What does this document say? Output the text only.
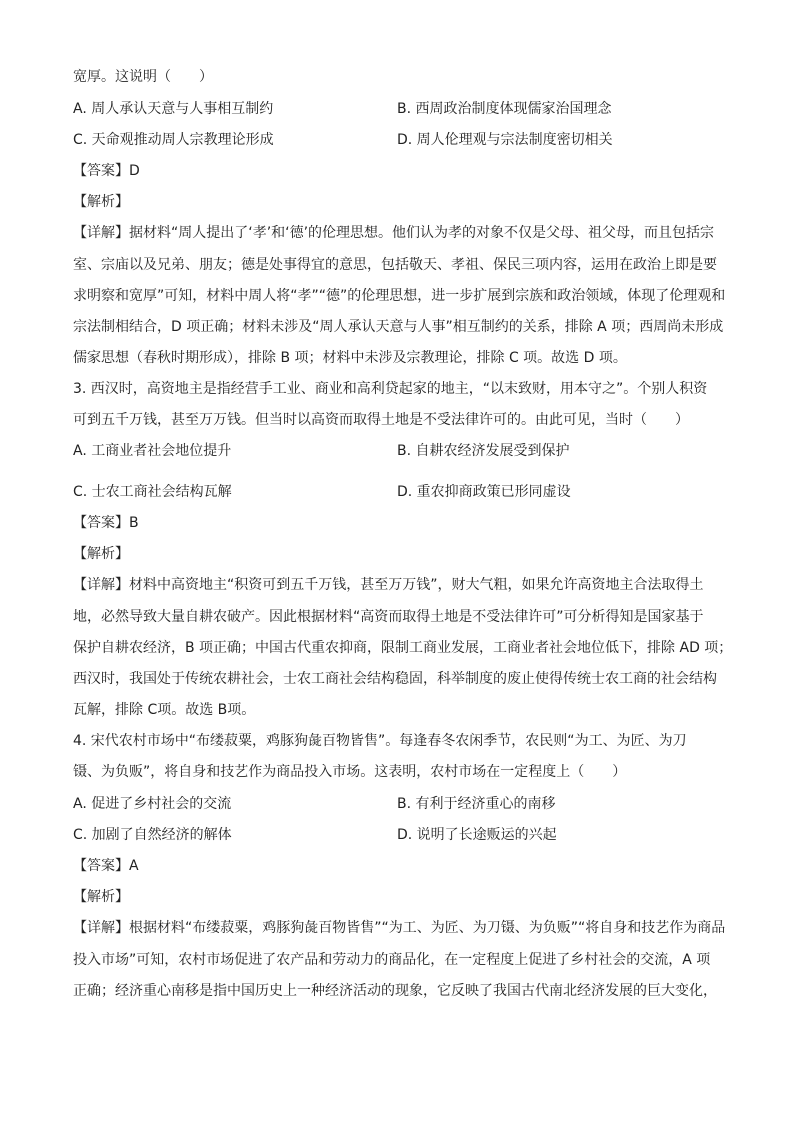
宽厚。这说明（　　）
A. 周人承认天意与人事相互制约	B. 西周政治制度体现儒家治国理念
C. 天命观推动周人宗教理论形成	D. 周人伦理观与宗法制度密切相关
【答案】D
【解析】
【详解】据材料“周人提出了‘孝’和‘德’的伦理思想。他们认为孝的对象不仅是父母、祖父母，而且包括宗
室、宗庙以及兄弟、朋友；德是处事得宜的意思，包括敬天、孝祖、保民三项内容，运用在政治上即是要
求明察和宽厚”可知，材料中周人将“孝”“德”的伦理思想，进一步扩展到宗族和政治领域，体现了伦理观和
宗法制相结合，D 项正确；材料未涉及“周人承认天意与人事”相互制约的关系，排除 A 项；西周尚未形成
儒家思想（春秋时期形成），排除 B 项；材料中未涉及宗教理论，排除 C 项。故选 D 项。
3. 西汉时，高资地主是指经营手工业、商业和高利贷起家的地主，“以末致财，用本守之”。个别人积资
可到五千万钱，甚至万万钱。但当时以高资而取得土地是不受法律许可的。由此可见，当时（　　）
A. 工商业者社会地位提升	B. 自耕农经济发展受到保护
C. 士农工商社会结构瓦解	D. 重农抑商政策已形同虚设
【答案】B
【解析】
【详解】材料中高资地主“积资可到五千万钱，甚至万万钱”，财大气粗，如果允许高资地主合法取得土
地，必然导致大量自耕农破产。因此根据材料“高资而取得土地是不受法律许可”可分析得知是国家基于
保护自耕农经济，B 项正确；中国古代重农抑商，限制工商业发展，工商业者社会地位低下，排除 AD 项；
西汉时，我国处于传统农耕社会，士农工商社会结构稳固，科举制度的废止使得传统士农工商的社会结构
瓦解，排除 C项。故选 B项。
4. 宋代农村市场中“布缕菽粟，鸡豚狗彘百物皆售”。每逢春冬农闲季节，农民则“为工、为匠、为刀
镊、为负贩”，将自身和技艺作为商品投入市场。这表明，农村市场在一定程度上（　　）
A. 促进了乡村社会的交流	B. 有利于经济重心的南移
C. 加剧了自然经济的解体	D. 说明了长途贩运的兴起
【答案】A
【解析】
【详解】根据材料“布缕菽粟，鸡豚狗彘百物皆售”“为工、为匠、为刀镊、为负贩”“将自身和技艺作为商品
投入市场”可知，农村市场促进了农产品和劳动力的商品化，在一定程度上促进了乡村社会的交流，A 项
正确；经济重心南移是指中国历史上一种经济活动的现象，它反映了我国古代南北经济发展的巨大变化，
